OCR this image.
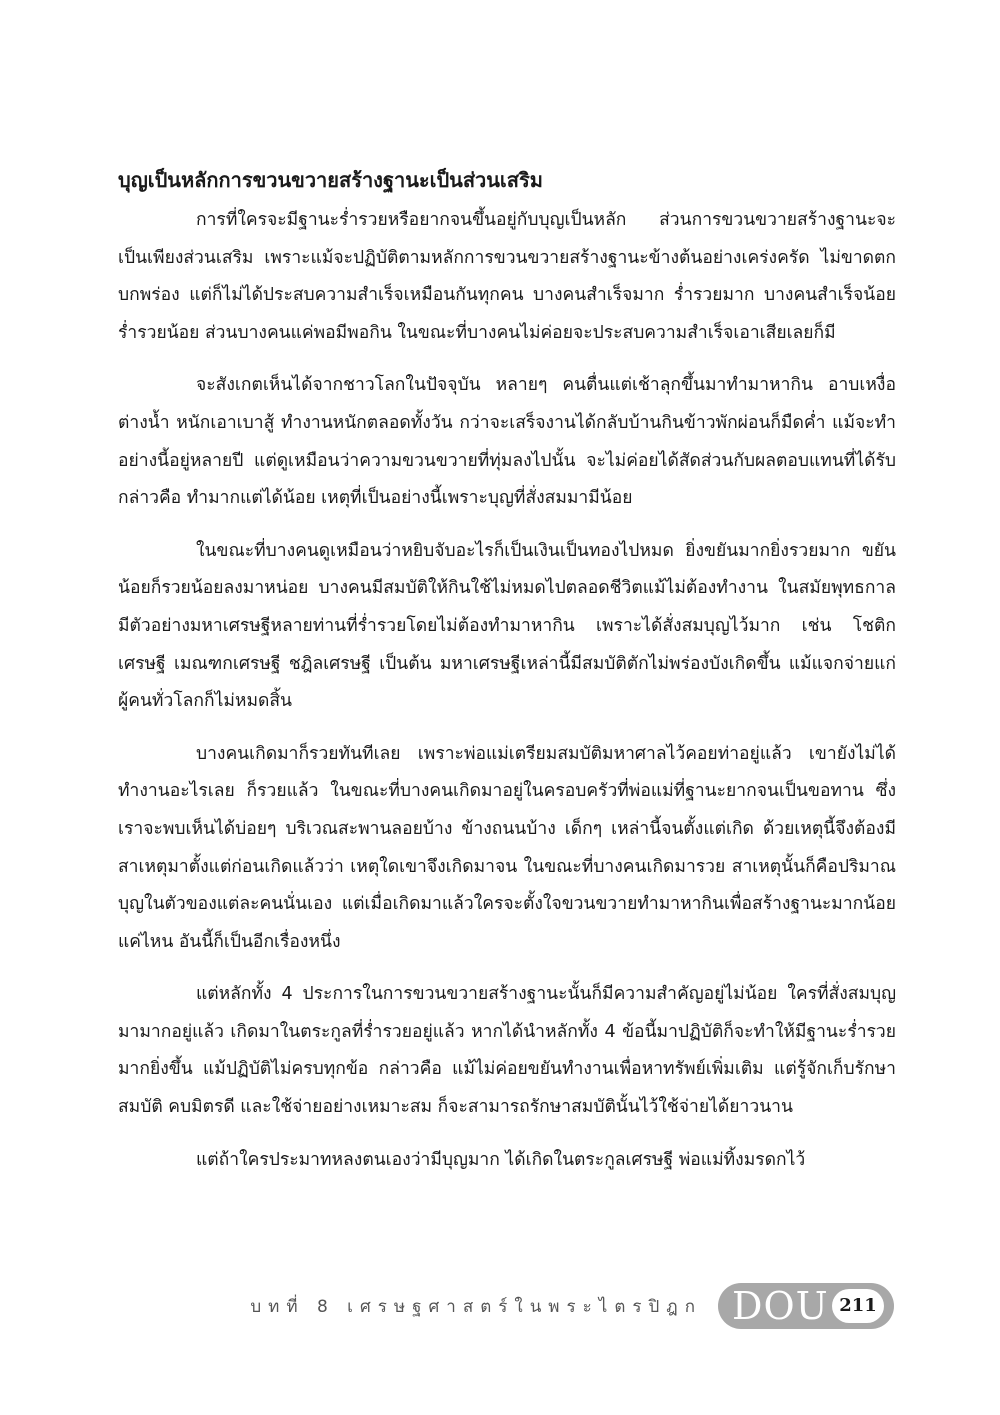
บุญเป็นหลักการขวนขวายสร้างฐานะเป็นส่วนเสริม

การที่ใครจะมีฐานะร่ำรวยหรือยากจนขึ้นอยู่กับบุญเป็นหลัก ส่วนการขวนขวายสร้างฐานะจะเป็นเพียงส่วนเสริม เพราะแม้จะปฏิบัติตามหลักการขวนขวายสร้างฐานะข้างต้นอย่างเคร่งครัด ไม่ขาดตกบกพร่อง แต่ก็ไม่ได้ประสบความสำเร็จเหมือนกันทุกคน บางคนสำเร็จมาก ร่ำรวยมาก บางคนสำเร็จน้อย ร่ำรวยน้อย ส่วนบางคนแค่พอมีพอกิน ในขณะที่บางคนไม่ค่อยจะประสบความสำเร็จเอาเสียเลยก็มี

จะสังเกตเห็นได้จากชาวโลกในปัจจุบัน หลายๆ คนตื่นแต่เช้าลุกขึ้นมาทำมาหากิน อาบเหงื่อต่างน้ำ หนักเอาเบาสู้ ทำงานหนักตลอดทั้งวัน กว่าจะเสร็จงานได้กลับบ้านกินข้าวพักผ่อนก็มืดค่ำ แม้จะทำอย่างนี้อยู่หลายปี แต่ดูเหมือนว่าความขวนขวายที่ทุ่มลงไปนั้น จะไม่ค่อยได้สัดส่วนกับผลตอบแทนที่ได้รับ กล่าวคือ ทำมากแต่ได้น้อย เหตุที่เป็นอย่างนี้เพราะบุญที่สั่งสมมามีน้อย

ในขณะที่บางคนดูเหมือนว่าหยิบจับอะไรก็เป็นเงินเป็นทองไปหมด ยิ่งขยันมากยิ่งรวยมาก ขยันน้อยก็รวยน้อยลงมาหน่อย บางคนมีสมบัติให้กินใช้ไม่หมดไปตลอดชีวิตแม้ไม่ต้องทำงาน ในสมัยพุทธกาลมีตัวอย่างมหาเศรษฐีหลายท่านที่ร่ำรวยโดยไม่ต้องทำมาหากิน เพราะได้สั่งสมบุญไว้มาก เช่น โชติกเศรษฐี เมณฑกเศรษฐี ชฎิลเศรษฐี เป็นต้น มหาเศรษฐีเหล่านี้มีสมบัติตักไม่พร่องบังเกิดขึ้น แม้แจกจ่ายแก่ผู้คนทั่วโลกก็ไม่หมดสิ้น

บางคนเกิดมาก็รวยทันทีเลย เพราะพ่อแม่เตรียมสมบัติมหาศาลไว้คอยท่าอยู่แล้ว เขายังไม่ได้ทำงานอะไรเลย ก็รวยแล้ว ในขณะที่บางคนเกิดมาอยู่ในครอบครัวที่พ่อแม่ที่ฐานะยากจนเป็นขอทาน ซึ่งเราจะพบเห็นได้บ่อยๆ บริเวณสะพานลอยบ้าง ข้างถนนบ้าง เด็กๆ เหล่านี้จนตั้งแต่เกิด ด้วยเหตุนี้จึงต้องมีสาเหตุมาตั้งแต่ก่อนเกิดแล้วว่า เหตุใดเขาจึงเกิดมาจน ในขณะที่บางคนเกิดมารวย สาเหตุนั้นก็คือปริมาณบุญในตัวของแต่ละคนนั่นเอง แต่เมื่อเกิดมาแล้วใครจะตั้งใจขวนขวายทำมาหากินเพื่อสร้างฐานะมากน้อยแค่ไหน อันนี้ก็เป็นอีกเรื่องหนึ่ง

แต่หลักทั้ง 4 ประการในการขวนขวายสร้างฐานะนั้นก็มีความสำคัญอยู่ไม่น้อย ใครที่สั่งสมบุญมามากอยู่แล้ว เกิดมาในตระกูลที่ร่ำรวยอยู่แล้ว หากได้นำหลักทั้ง 4 ข้อนี้มาปฏิบัติก็จะทำให้มีฐานะร่ำรวยมากยิ่งขึ้น แม้ปฏิบัติไม่ครบทุกข้อ กล่าวคือ แม้ไม่ค่อยขยันทำงานเพื่อหาทรัพย์เพิ่มเติม แต่รู้จักเก็บรักษาสมบัติ คบมิตรดี และใช้จ่ายอย่างเหมาะสม ก็จะสามารถรักษาสมบัตินั้นไว้ใช้จ่ายได้ยาวนาน

แต่ถ้าใครประมาทหลงตนเองว่ามีบุญมาก ได้เกิดในตระกูลเศรษฐี พ่อแม่ทิ้งมรดกไว้

บทที่ 8 เศรษฐศาสตร์ในพระไตรปิฎก DOU 211
